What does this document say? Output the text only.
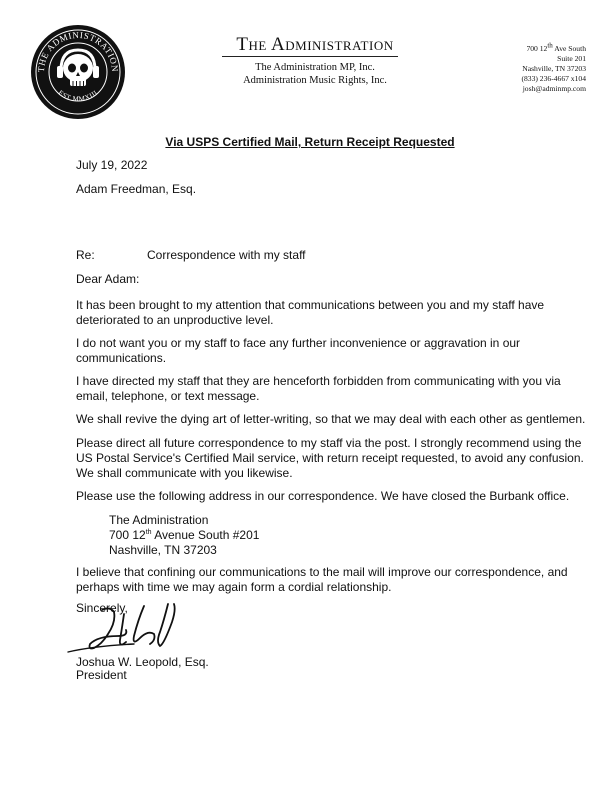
THE ADMINISTRATION
EST MMXIII
The Administration
The Administration MP, Inc.
Administration Music Rights, Inc.
700 12th Ave South
Suite 201
Nashville, TN 37203
(833) 236-4667 x104
josh@adminmp.com
Via USPS Certified Mail, Return Receipt Requested
July 19, 2022
Adam Freedman, Esq.
Re:	Correspondence with my staff
Dear Adam:
It has been brought to my attention that communications between you and my staff have
deteriorated to an unproductive level.
I do not want you or my staff to face any further inconvenience or aggravation in our
communications.
I have directed my staff that they are henceforth forbidden from communicating with you via
email, telephone, or text message.
We shall revive the dying art of letter-writing, so that we may deal with each other as gentlemen.
Please direct all future correspondence to my staff via the post. I strongly recommend using the
US Postal Service's Certified Mail service, with return receipt requested, to avoid any confusion.
We shall communicate with you likewise.
Please use the following address in our correspondence. We have closed the Burbank office.
The Administration
700 12th Avenue South #201
Nashville, TN 37203
I believe that confining our communications to the mail will improve our correspondence, and
perhaps with time we may again form a cordial relationship.
Sincerely,
Joshua W. Leopold, Esq.
President
